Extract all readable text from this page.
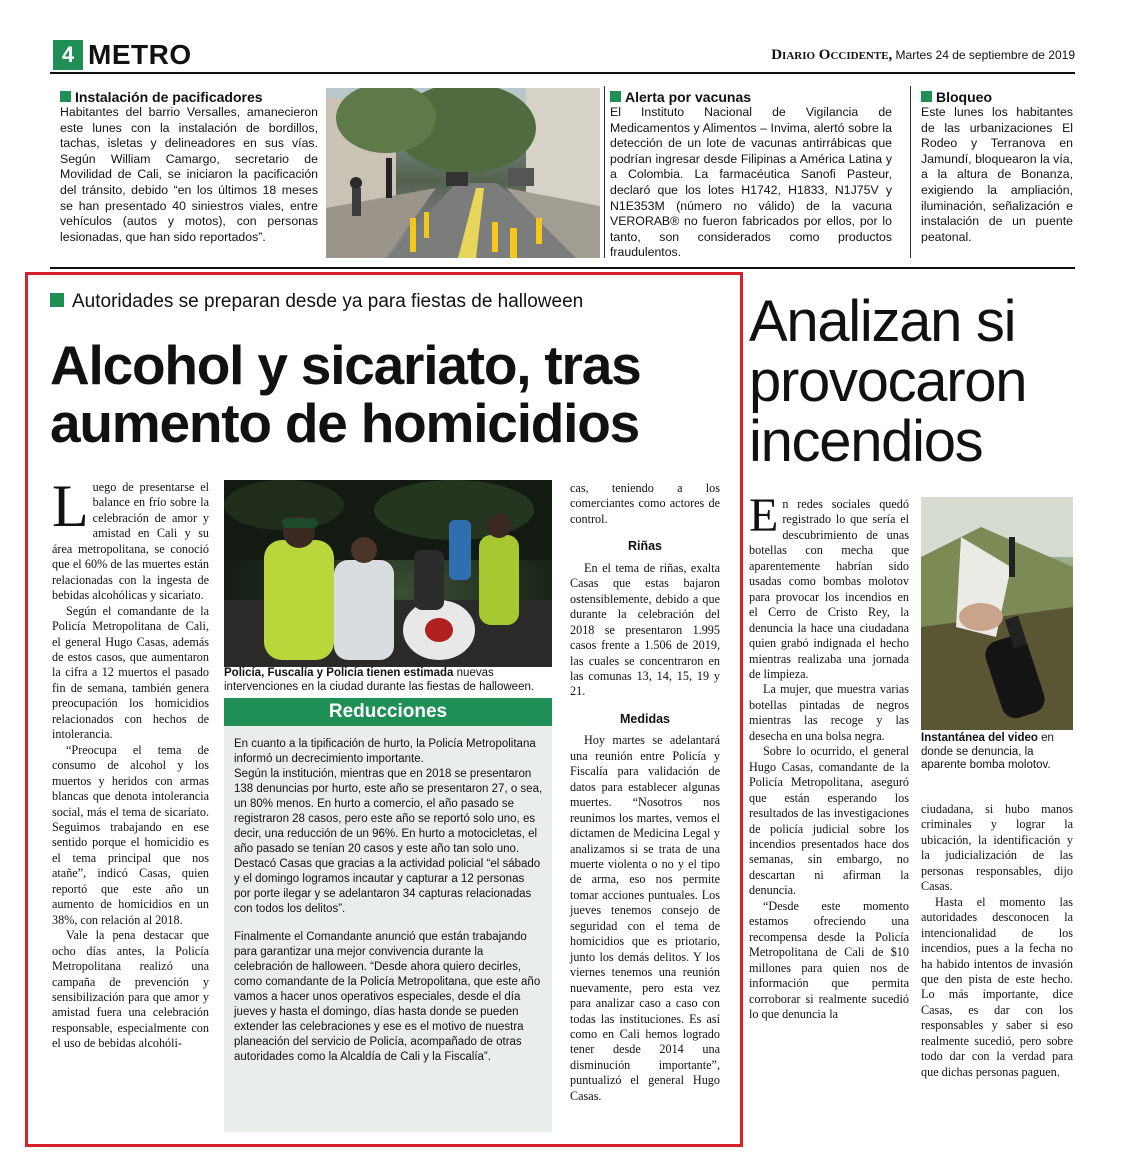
4 METRO	Diario Occidente, Martes 24 de septiembre de 2019
Instalación de pacificadores

Habitantes del barrio Versalles, amanecieron este lunes con la instalación de bordillos, tachas, isletas y delineadores en sus vías. Según William Camargo, secretario de Movilidad de Cali, se iniciaron la pacificación del tránsito, debido “en los últimos 18 meses se han presentado 40 siniestros viales, entre vehículos (autos y motos), con personas lesionadas, que han sido reportados”.

Alerta por vacunas

El Instituto Nacional de Vigilancia de Medicamentos y Alimentos – Invima, alertó sobre la detección de un lote de vacunas antirrábicas que podrían ingresar desde Filipinas a América Latina y a Colombia. La farmacéutica Sanofi Pasteur, declaró que los lotes H1742, H1833, N1J75V y N1E353M (número no válido) de la vacuna VERORAB® no fueron fabricados por ellos, por lo tanto, son considerados como productos fraudulentos.

Bloqueo

Este lunes los habitantes de las urbanizaciones El Rodeo y Terranova en Jamundí, bloquearon la vía, a la altura de Bonanza, exigiendo la ampliación, iluminación, señalización e instalación de un puente peatonal.

Autoridades se preparan desde ya para fiestas de halloween
Alcohol y sicariato, tras
aumento de homicidios

Luego de presentarse el balance en frío sobre la celebración de amor y amistad en Cali y su área metropolitana, se conoció que el 60% de las muertes están relacionadas con la ingesta de bebidas alcohólicas y sicariato.

Según el comandante de la Policía Metropolitana de Cali, el general Hugo Casas, además de estos casos, que aumentaron la cifra a 12 muertos el pasado fin de semana, también genera preocupación los homicidios relacionados con hechos de intolerancia.

“Preocupa el tema de consumo de alcohol y los muertos y heridos con armas blancas que denota intolerancia social, más el tema de sicariato. Seguimos trabajando en ese sentido porque el homicidio es el tema principal que nos atañe”, indicó Casas, quien reportó que este año un aumento de homicidios en un 38%, con relación al 2018.

Vale la pena destacar que ocho días antes, la Policía Metropolitana realizó una campaña de prevención y sensibilización para que amor y amistad fuera una celebración responsable, especialmente con el uso de bebidas alcohóli-

Policía, Fuscalía y Policía tienen estimada nuevas intervenciones en la ciudad durante las fiestas de halloween.
Reducciones

En cuanto a la tipificación de hurto, la Policía Metropolitana informó un decrecimiento importante.

Según la institución, mientras que en 2018 se presentaron 138 denuncias por hurto, este año se presentaron 27, o sea, un 80% menos. En hurto a comercio, el año pasado se registraron 28 casos, pero este año se reportó solo uno, es decir, una reducción de un 96%. En hurto a motocicletas, el año pasado se tenían 20 casos y este año tan solo uno.

Destacó Casas que gracias a la actividad policial “el sábado y el domingo logramos incautar y capturar a 12 personas por porte ilegar y se adelantaron 34 capturas relacionadas con todos los delitos”.

Finalmente el Comandante anunció que están trabajando para garantizar una mejor convivencia durante la celebración de halloween. “Desde ahora quiero decirles, como comandante de la Policía Metropolitana, que este año vamos a hacer unos operativos especiales, desde el día jueves y hasta el domingo, días hasta donde se pueden extender las celebraciones y ese es el motivo de nuestra planeación del servicio de Policía, acompañado de otras autoridades como la Alcaldía de Cali y la Fiscalía”.

cas, teniendo a los comerciantes como actores de control.

Riñas

En el tema de riñas, exalta Casas que estas bajaron ostensiblemente, debido a que durante la celebración del 2018 se presentaron 1.995 casos frente a 1.506 de 2019, las cuales se concentraron en las comunas 13, 14, 15, 19 y 21.

Medidas

Hoy martes se adelantará una reunión entre Policía y Fiscalía para validación de datos para establecer algunas muertes. “Nosotros nos reunimos los martes, vemos el dictamen de Medicina Legal y analizamos si se trata de una muerte violenta o no y el tipo de arma, eso nos permite tomar acciones puntuales. Los jueves tenemos consejo de seguridad con el tema de homicidios que es priotario, junto los demás delitos. Y los viernes tenemos una reunión nuevamente, pero esta vez para analizar caso a caso con todas las instituciones. Es así como en Cali hemos logrado tener desde 2014 una disminución importante”, puntualizó el general Hugo Casas.

Analizan si
provocaron
incendios

En redes sociales quedó registrado lo que sería el descubrimiento de unas botellas con mecha que aparentemente habrían sido usadas como bombas molotov para provocar los incendios en el Cerro de Cristo Rey, la denuncia la hace una ciudadana quien grabó indignada el hecho mientras realizaba una jornada de limpieza.

La mujer, que muestra varias botellas pintadas de negros mientras las recoge y las desecha en una bolsa negra.

Sobre lo ocurrido, el general Hugo Casas, comandante de la Policía Metropolitana, aseguró que están esperando los resultados de las investigaciones de policía judicial sobre los incendios presentados hace dos semanas, sin embargo, no descartan ni afirman la denuncia.

“Desde este momento estamos ofreciendo una recompensa desde la Policía Metropolitana de Cali de $10 millones para quien nos de información que permita corroborar si realmente sucedió lo que denuncia la

Instantánea del video en donde se denuncia, la aparente bomba molotov.

ciudadana, si hubo manos criminales y lograr la ubicación, la identificación y la judicialización de las personas responsables, dijo Casas.

Hasta el momento las autoridades desconocen la intencionalidad de los incendios, pues a la fecha no ha habido intentos de invasión que den pista de este hecho. Lo más importante, dice Casas, es dar con los responsables y saber si eso realmente sucedió, pero sobre todo dar con la verdad para que dichas personas paguen.
